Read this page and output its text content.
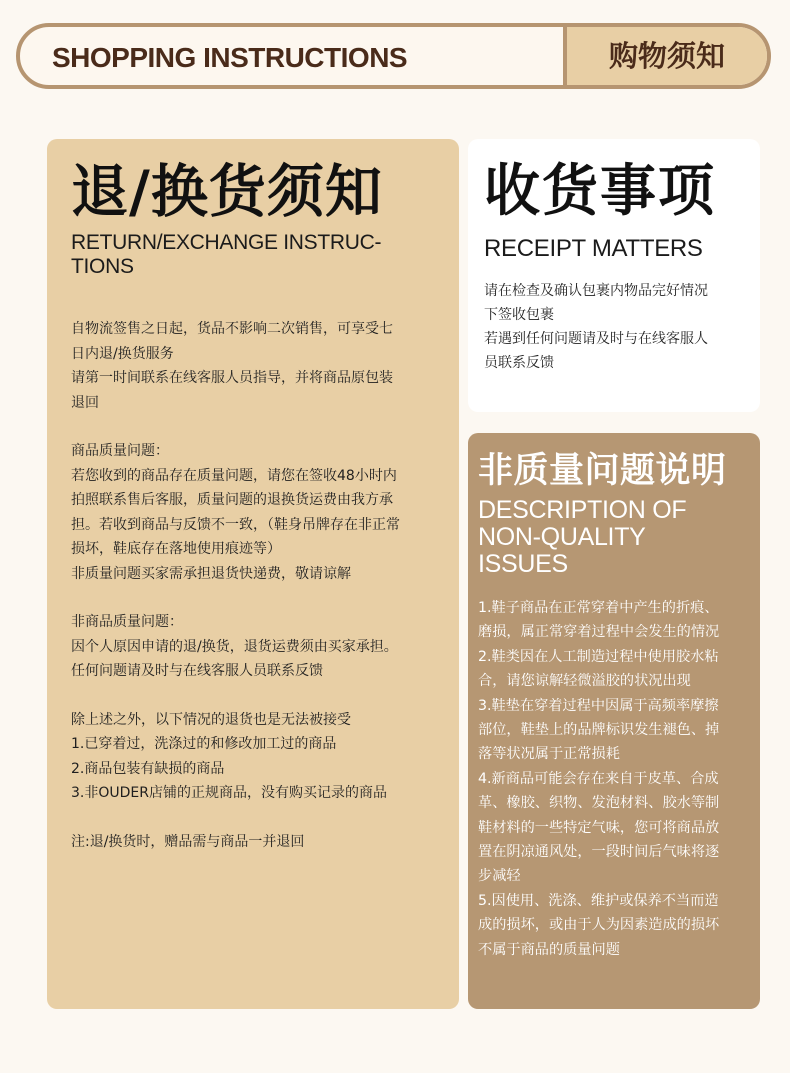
SHOPPING INSTRUCTIONS	购物须知
退/换货须知
RETURN/EXCHANGE INSTRUC-
TIONS

自物流签售之日起，货品不影响二次销售，可享受七

日内退/换货服务

请第一时间联系在线客服人员指导，并将商品原包装

退回

商品质量问题：

若您收到的商品存在质量问题，请您在签收48小时内

拍照联系售后客服，质量问题的退换货运费由我方承

担。若收到商品与反馈不一致，（鞋身吊牌存在非正常

损坏，鞋底存在落地使用痕迹等）

非质量问题买家需承担退货快递费，敬请谅解

非商品质量问题：

因个人原因申请的退/换货，退货运费须由买家承担。

任何问题请及时与在线客服人员联系反馈

除上述之外，以下情况的退货也是无法被接受

1.已穿着过，洗涤过的和修改加工过的商品

2.商品包装有缺损的商品

3.非OUDER店铺的正规商品，没有购买记录的商品

注:退/换货时，赠品需与商品一并退回

收货事项
RECEIPT MATTERS

请在检查及确认包裹内物品完好情况

下签收包裹

若遇到任何问题请及时与在线客服人

员联系反馈

非质量问题说明
DESCRIPTION OF
NON-QUALITY
ISSUES

1.鞋子商品在正常穿着中产生的折痕、

磨损，属正常穿着过程中会发生的情况

2.鞋类因在人工制造过程中使用胶水粘

合，请您谅解轻微溢胶的状况出现

3.鞋垫在穿着过程中因属于高频率摩擦

部位，鞋垫上的品牌标识发生褪色、掉

落等状况属于正常损耗

4.新商品可能会存在来自于皮革、合成

革、橡胶、织物、发泡材料、胶水等制

鞋材料的一些特定气味，您可将商品放

置在阴凉通风处，一段时间后气味将逐

步减轻

5.因使用、洗涤、维护或保养不当而造

成的损坏，或由于人为因素造成的损坏

不属于商品的质量问题
